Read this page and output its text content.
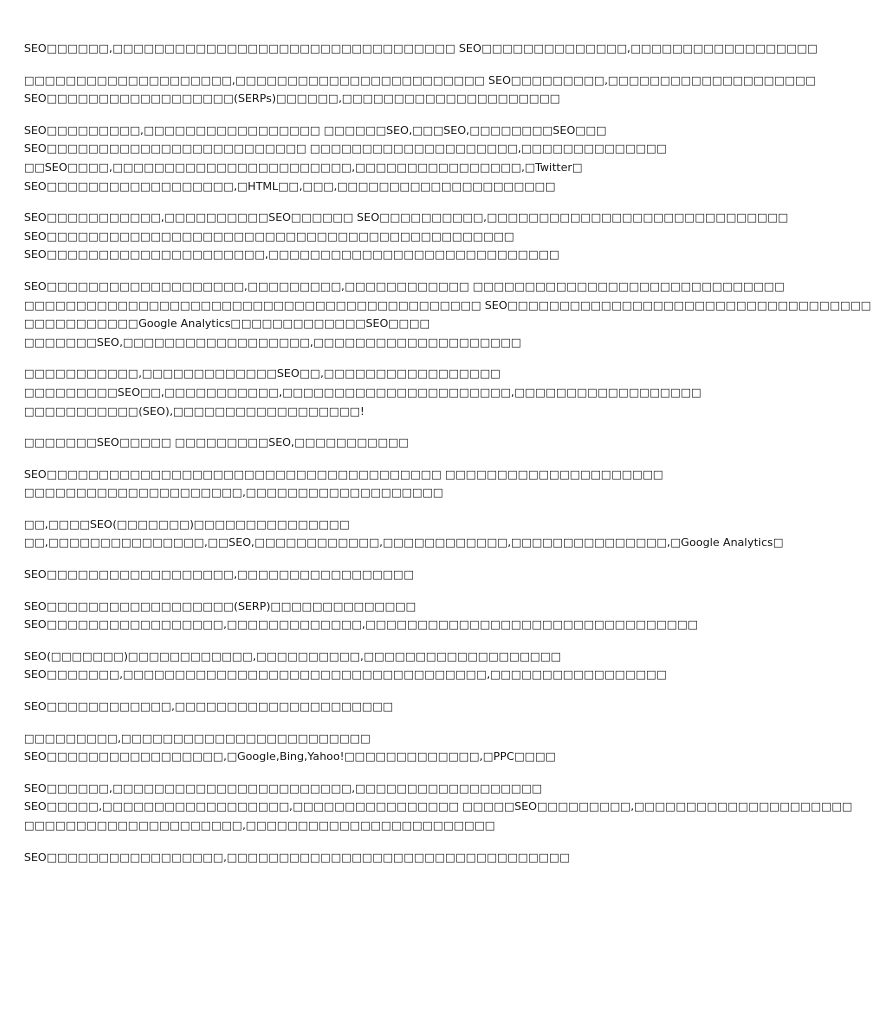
SEO□□□□□□,□□□□□□□□□□□□□□□□□□□□□□□□□□□□□□□□□ SEO□□□□□□□□□□□□□□,□□□□□□□□□□□□□□□□□□
□□□□□□□□□□□□□□□□□□□□,□□□□□□□□□□□□□□□□□□□□□□□□ SEO□□□□□□□□□,□□□□□□□□□□□□□□□□□□□□
SEO□□□□□□□□□□□□□□□□□□(SERPs)□□□□□□,□□□□□□□□□□□□□□□□□□□□□
SEO□□□□□□□□□,□□□□□□□□□□□□□□□□□ □□□□□□SEO,□□□SEO,□□□□□□□□SEO□□□
SEO□□□□□□□□□□□□□□□□□□□□□□□□□ □□□□□□□□□□□□□□□□□□□□,□□□□□□□□□□□□□□
□□SEO□□□□,□□□□□□□□□□□□□□□□□□□□□□□,□□□□□□□□□□□□□□□□,□Twitter□
SEO□□□□□□□□□□□□□□□□□□,□HTML□□,□□□,□□□□□□□□□□□□□□□□□□□□□
SEO□□□□□□□□□□□,□□□□□□□□□□SEO□□□□□□ SEO□□□□□□□□□□,□□□□□□□□□□□□□□□□□□□□□□□□□□□□□
SEO□□□□□□□□□□□□□□□□□□□□□□□□□□□□□□□□□□□□□□□□□□□□□
SEO□□□□□□□□□□□□□□□□□□□□□,□□□□□□□□□□□□□□□□□□□□□□□□□□□□
SEO□□□□□□□□□□□□□□□□□□□,□□□□□□□□□,□□□□□□□□□□□□ □□□□□□□□□□□□□□□□□□□□□□□□□□□□□□
□□□□□□□□□□□□□□□□□□□□□□□□□□□□□□□□□□□□□□□□□□□□ SEO□□□□□□□□□□□□□□□□□□□□□□□□□□□□□□□□□□□
□□□□□□□□□□□Google Analytics□□□□□□□□□□□□□SEO□□□□
□□□□□□□SEO,□□□□□□□□□□□□□□□□□□,□□□□□□□□□□□□□□□□□□□□
□□□□□□□□□□□,□□□□□□□□□□□□□SEO□□,□□□□□□□□□□□□□□□□□
□□□□□□□□□SEO□□,□□□□□□□□□□□,□□□□□□□□□□□□□□□□□□□□□□,□□□□□□□□□□□□□□□□□□
□□□□□□□□□□□(SEO),□□□□□□□□□□□□□□□□□□!
□□□□□□□SEO□□□□□ □□□□□□□□□SEO,□□□□□□□□□□□
SEO□□□□□□□□□□□□□□□□□□□□□□□□□□□□□□□□□□□□□□ □□□□□□□□□□□□□□□□□□□□□
□□□□□□□□□□□□□□□□□□□□□,□□□□□□□□□□□□□□□□□□□
□□,□□□□SEO(□□□□□□□)□□□□□□□□□□□□□□□
□□,□□□□□□□□□□□□□□□,□□SEO,□□□□□□□□□□□□,□□□□□□□□□□□□,□□□□□□□□□□□□□□□,□Google Analytics□
SEO□□□□□□□□□□□□□□□□□□,□□□□□□□□□□□□□□□□□
SEO□□□□□□□□□□□□□□□□□□(SERP)□□□□□□□□□□□□□□
SEO□□□□□□□□□□□□□□□□□,□□□□□□□□□□□□□,□□□□□□□□□□□□□□□□□□□□□□□□□□□□□□□□
SEO(□□□□□□□)□□□□□□□□□□□□,□□□□□□□□□□,□□□□□□□□□□□□□□□□□□□
SEO□□□□□□□,□□□□□□□□□□□□□□□□□□□□□□□□□□□□□□□□□□□,□□□□□□□□□□□□□□□□□
SEO□□□□□□□□□□□□,□□□□□□□□□□□□□□□□□□□□□
□□□□□□□□□,□□□□□□□□□□□□□□□□□□□□□□□□
SEO□□□□□□□□□□□□□□□□□,□Google,Bing,Yahoo!□□□□□□□□□□□□□,□PPC□□□□
SEO□□□□□□,□□□□□□□□□□□□□□□□□□□□□□□,□□□□□□□□□□□□□□□□□□
SEO□□□□□,□□□□□□□□□□□□□□□□□□,□□□□□□□□□□□□□□□□ □□□□□SEO□□□□□□□□□,□□□□□□□□□□□□□□□□□□□□□
□□□□□□□□□□□□□□□□□□□□□,□□□□□□□□□□□□□□□□□□□□□□□□
SEO□□□□□□□□□□□□□□□□□,□□□□□□□□□□□□□□□□□□□□□□□□□□□□□□□□□
